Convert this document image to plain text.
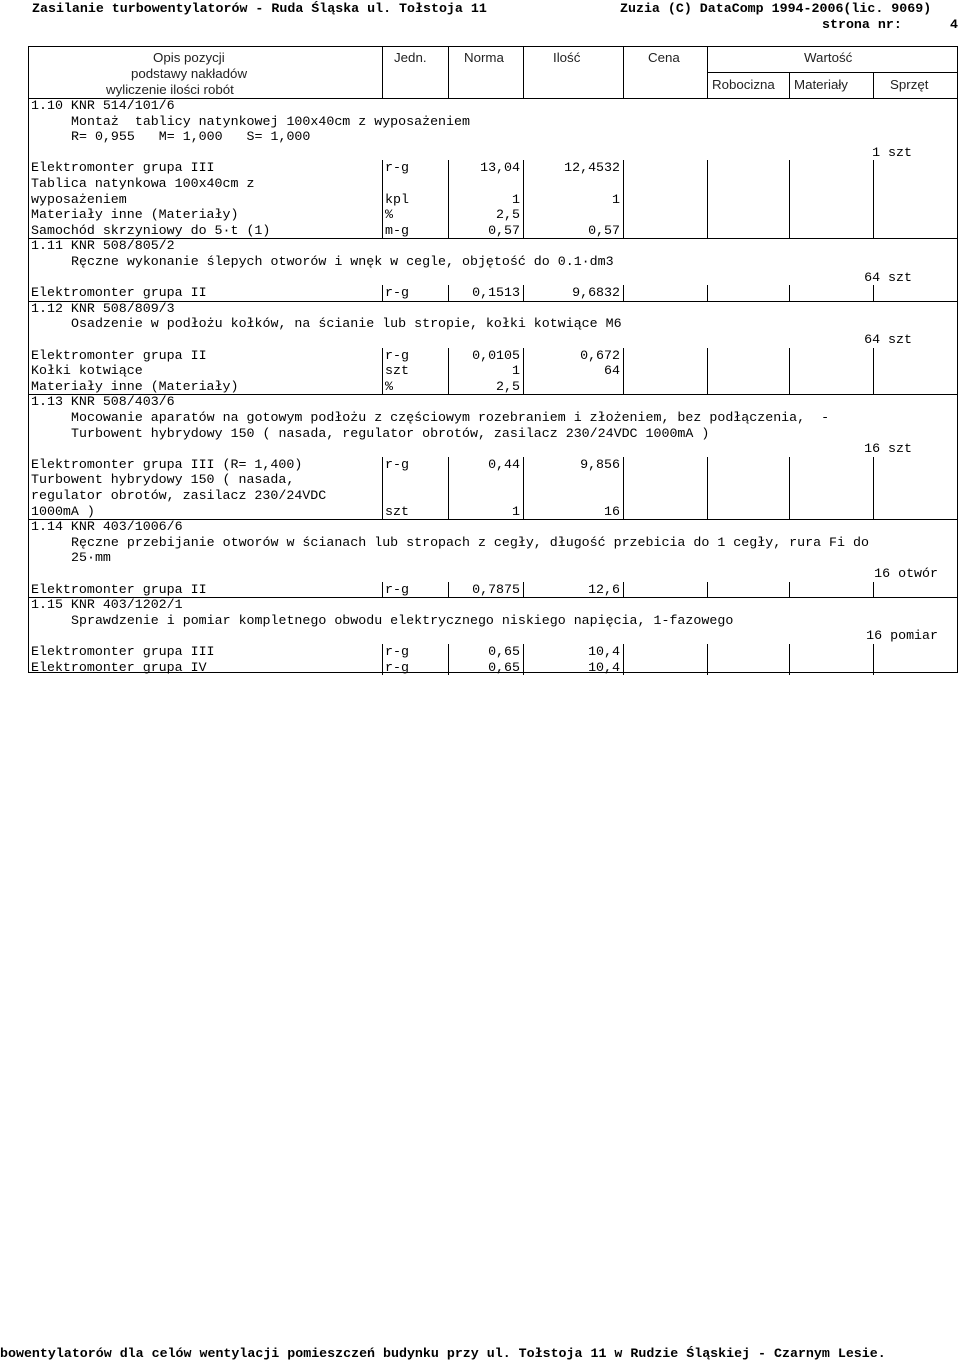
Zasilanie turbowentylatorów - Ruda Śląska ul. Tołstoja 11	Zuzia (C) DataComp 1994-2006(lic. 9069)
strona nr:	4
Opis pozycji
podstawy nakładów
wyliczenie ilości robót
Jedn.	Norma	Ilość	Cena	Wartość
Robocizna Materiały	Sprzęt
1.10 KNR 514/101/6
Montaż  tablicy natynkowej 100x40cm z wyposażeniem
R= 0,955   M= 1,000   S= 1,000
1 szt
Elektromonter grupa III	r-g	13,04	12,4532
Tablica natynkowa 100x40cm z
wyposażeniem	kpl	1	1
Materiały inne (Materiały)	%	2,5
Samochód skrzyniowy do 5·t (1)	m-g	0,57	0,57
1.11 KNR 508/805/2
Ręczne wykonanie ślepych otworów i wnęk w cegle, objętość do 0.1·dm3
64 szt
Elektromonter grupa II	r-g	0,1513	9,6832
1.12 KNR 508/809/3
Osadzenie w podłożu kołków, na ścianie lub stropie, kołki kotwiące M6
64 szt
Elektromonter grupa II	r-g	0,0105	0,672
Kołki kotwiące	szt	1	64
Materiały inne (Materiały)	%	2,5
1.13 KNR 508/403/6
Mocowanie aparatów na gotowym podłożu z częściowym rozebraniem i złożeniem, bez podłączenia,  -
Turbowent hybrydowy 150 ( nasada, regulator obrotów, zasilacz 230/24VDC 1000mA )
16 szt
Elektromonter grupa III (R= 1,400)	r-g	0,44	9,856
Turbowent hybrydowy 150 ( nasada,
regulator obrotów, zasilacz 230/24VDC
1000mA )	szt	1	16
1.14 KNR 403/1006/6
Ręczne przebijanie otworów w ścianach lub stropach z cegły, długość przebicia do 1 cegły, rura Fi do
25·mm
16 otwór
Elektromonter grupa II	r-g	0,7875	12,6
1.15 KNR 403/1202/1
Sprawdzenie i pomiar kompletnego obwodu elektrycznego niskiego napięcia, 1-fazowego
16 pomiar
Elektromonter grupa III	r-g	0,65	10,4
Elektromonter grupa IV	r-g	0,65	10,4
bowentylatorów dla celów wentylacji pomieszczeń budynku przy ul. Tołstoja 11 w Rudzie Śląskiej - Czarnym Lesie.
